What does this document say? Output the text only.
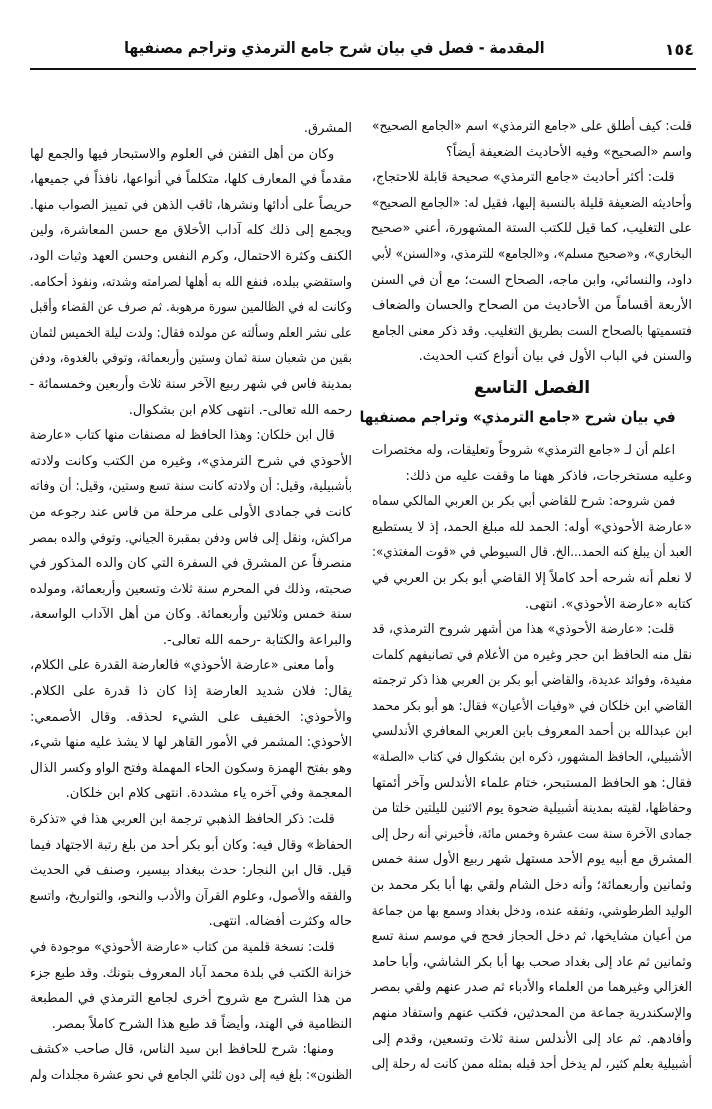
المقدمة - فصل في بيان شرح جامع الترمذي وتراجم مصنفيها	١٥٤
قلت: كيف أطلق على «جامع الترمذي» اسم «الجامع الصحيح»
واسم «الصحيح» وفيه الأحاديث الضعيفة أيضاً؟
قلت: أكثر أحاديث «جامع الترمذي» صحيحة قابلة للاحتجاج،
وأحاديثه الضعيفة قليلة بالنسبة إليها، فقيل له: «الجامع الصحيح»
على التغليب، كما قيل للكتب الستة المشهورة، أعني «صحيح
البخاري»، و«صحيح مسلم»، و«الجامع» للترمذي، و«السنن» لأبي
داود، والنسائي، وابن ماجه، الصحاح الست؛ مع أن في السنن
الأربعة أقساماً من الأحاديث من الصحاح والحسان والضعاف
فتسميتها بالصحاح الست بطريق التغليب. وقد ذكر معنى الجامع
والسنن في الباب الأول في بيان أنواع كتب الحديث.
الفصل التاسع
في بيان شرح «جامع الترمذي» وتراجم مصنفيها
اعلم أن لـ «جامع الترمذي» شروحاً وتعليقات، وله مختصرات
وعليه مستخرجات، فاذكر ههنا ما وقفت عليه من ذلك:
فمن شروحه: شرح للقاضي أبي بكر بن العربي المالكي سماه
«عارضة الأحوذي» أوله: الحمد لله مبلغ الحمد، إذ لا يستطيع
العبد أن يبلغ كنه الحمد...الخ. قال السيوطي في «قوت المغتذي»:
لا نعلم أنه شرحه أحد كاملاً إلا القاضي أبو بكر بن العربي في
كتابه «عارضة الأحوذي». انتهى.
قلت: «عارضة الأحوذي» هذا من أشهر شروح الترمذي، قد
نقل منه الحافظ ابن حجر وغيره من الأعلام في تصانيفهم كلمات
مفيدة، وفوائد عديدة، والقاضي أبو بكر بن العربي هذا ذكر ترجمته
القاضي ابن خلكان في «وفيات الأعيان» فقال: هو أبو بكر محمد
ابن عبدالله بن أحمد المعروف بابن العربي المعافري الأندلسي
الأشبيلي، الحافظ المشهور، ذكره ابن بشكوال في كتاب «الصلة»
فقال: هو الحافظ المستبحر، ختام علماء الأندلس وآخر أئمتها
وحفاظها، لقيته بمدينة أشبيلية ضحوة يوم الاثنين لليلتين خلتا من
جمادى الآخرة سنة ست عشرة وخمس مائة، فأخبرني أنه رحل إلى
المشرق مع أبيه يوم الأحد مستهل شهر ربيع الأول سنة خمس
وثمانين وأربعمائة؛ وأنه دخل الشام ولقي بها أبا بكر محمد بن
الوليد الطرطوشي، وتفقه عنده، ودخل بغداد وسمع بها من جماعة
من أعيان مشايخها، ثم دخل الحجاز فحج في موسم سنة تسع
وثمانين ثم عاد إلى بغداد صحب بها أبا بكر الشاشي، وأبا حامد
الغزالي وغيرهما من العلماء والأدباء ثم صدر عنهم ولقي بمصر
والإسكندرية جماعة من المحدثين، فكتب عنهم واستفاد منهم
وأفادهم. ثم عاد إلى الأندلس سنة ثلاث وتسعين، وقدم إلى
أشبيلية بعلم كثير، لم يدخل أحد قبله بمثله ممن كانت له رحلة إلى
المشرق.
وكان من أهل التفنن في العلوم والاستبحار فيها والجمع لها
مقدماً في المعارف كلها، متكلماً في أنواعها، نافذاً في جميعها،
حريصاً على أدائها ونشرها، ثاقب الذهن في تمييز الصواب منها.
ويجمع إلى ذلك كله آداب الأخلاق مع حسن المعاشرة، ولين
الكنف وكثرة الاحتمال، وكرم النفس وحسن العهد وثبات الود،
واستقضي ببلده، فنفع الله به أهلها لصرامته وشدته، ونفوذ أحكامه.
وكانت له في الظالمين سورة مرهوبة. ثم صرف عن القضاء وأقبل
على نشر العلم وسألته عن مولده فقال: ولدت ليلة الخميس لثمان
بقين من شعبان سنة ثمان وستين وأربعمائة، وتوفي بالغدوة، ودفن
بمدينة فاس في شهر ربيع الآخر سنة ثلاث وأربعين وخمسمائة -
رحمه الله تعالى-. انتهى كلام ابن بشكوال.
قال ابن خلكان: وهذا الحافظ له مصنفات منها كتاب «عارضة
الأحوذي في شرح الترمذي»، وغيره من الكتب وكانت ولادته
بأشبيلية، وقيل: أن ولادته كانت سنة تسع وستين، وقيل: أن وفاته
كانت في جمادى الأولى على مرحلة من فاس عند رجوعه من
مراكش، ونقل إلى فاس ودفن بمقبرة الجياني. وتوفي والده بمصر
منصرفاً عن المشرق في السفرة التي كان والده المذكور في
صحبته، وذلك في المحرم سنة ثلاث وتسعين وأربعمائة، ومولده
سنة خمس وثلاثين وأربعمائة. وكان من أهل الآداب الواسعة،
والبراعة والكتابة -رحمه الله تعالى-.
وأما معنى «عارضة الأحوذي» فالعارضة القدرة على الكلام،
يقال: فلان شديد العارضة إذا كان ذا قدرة على الكلام.
والأحوذي: الخفيف على الشيء لحذقه. وقال الأصمعي:
الأحوذي: المشمر في الأمور القاهر لها لا يشذ عليه منها شيء،
وهو بفتح الهمزة وسكون الحاء المهملة وفتح الواو وكسر الذال
المعجمة وفي آخره ياء مشددة. انتهى كلام ابن خلكان.
قلت: ذكر الحافظ الذهبي ترجمة ابن العربي هذا في «تذكرة
الحفاظ» وقال فيه: وكان أبو بكر أحد من بلغ رتبة الاجتهاد فيما
قيل. قال ابن النجار: حدث ببغداد بيسير، وصنف في الحديث
والفقه والأصول، وعلوم القرآن والأدب والنحو، والتواريخ، واتسع
حاله وكثرت أفضاله. انتهى.
قلت: نسخة قلمية من كتاب «عارضة الأحوذي» موجودة في
خزانة الكتب في بلدة محمد آباد المعروف بتونك. وقد طبع جزء
من هذا الشرح مع شروح أخرى لجامع الترمذي في المطبعة
النظامية في الهند، وأيضاً قد طبع هذا الشرح كاملاً بمصر.
ومنها: شرح للحافظ ابن سيد الناس، قال صاحب «كشف
الظنون»: بلغ فيه إلى دون ثلثي الجامع في نحو عشرة مجلدات ولم
